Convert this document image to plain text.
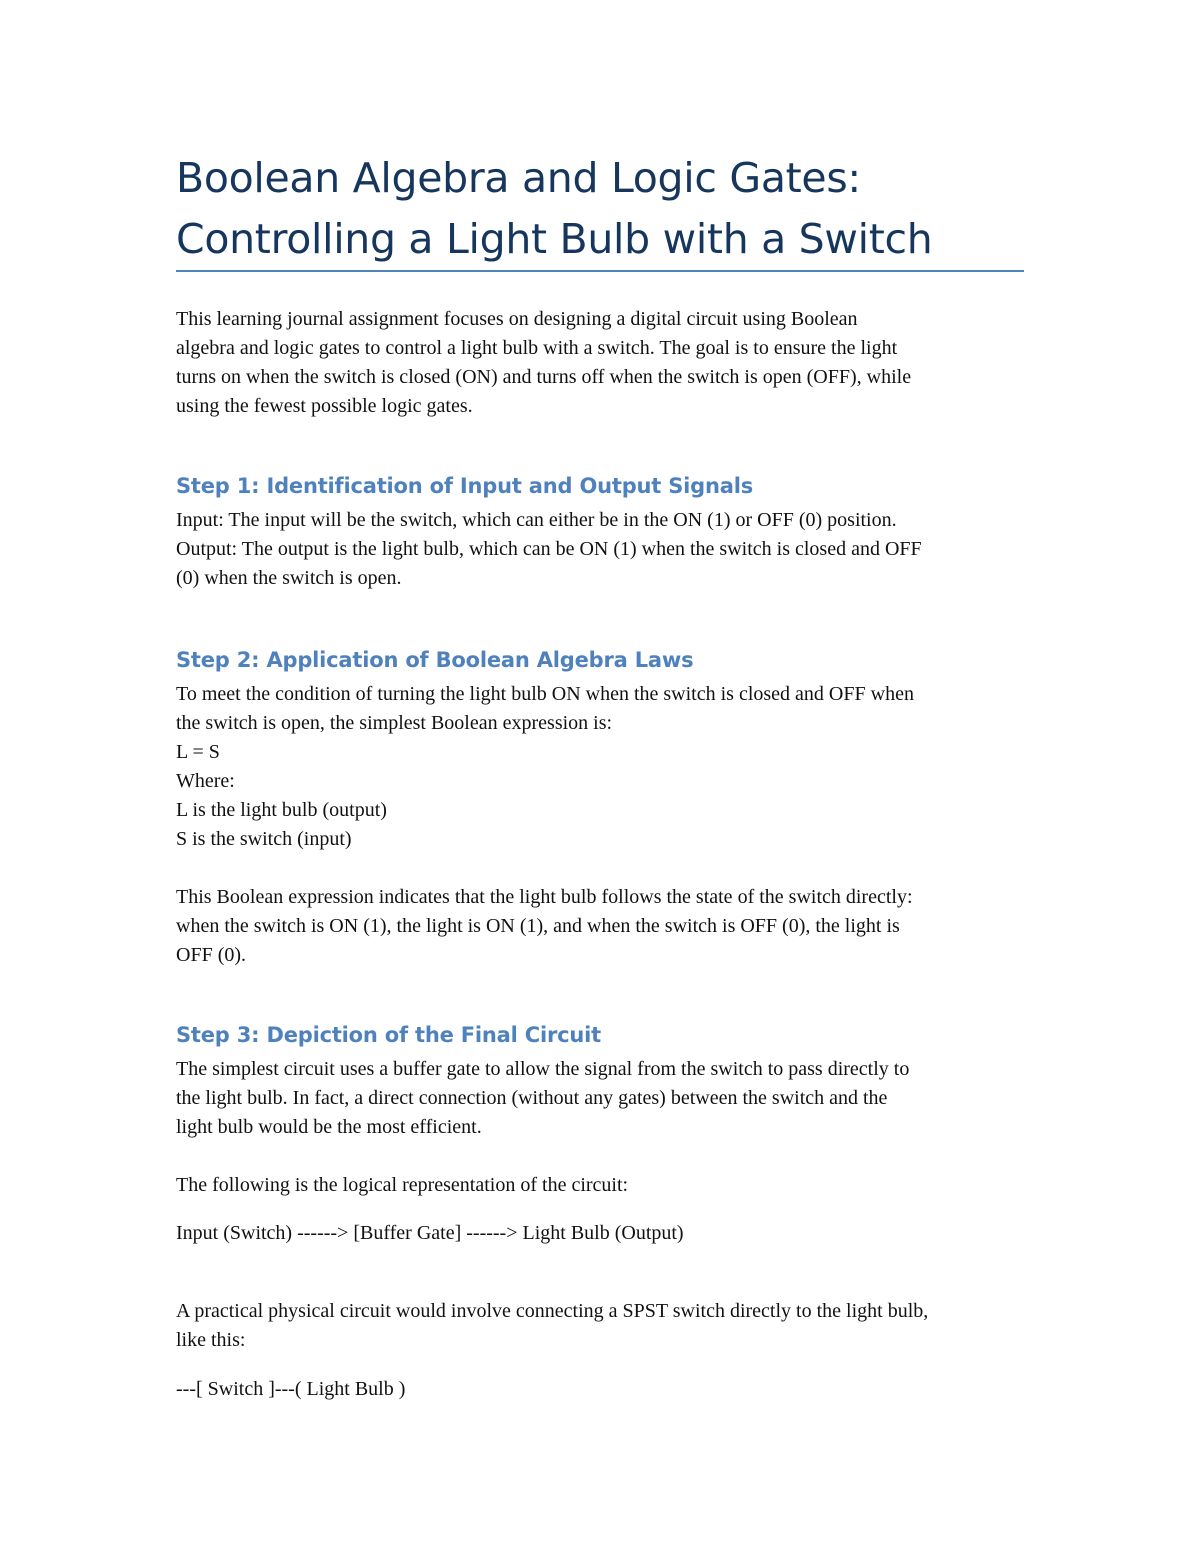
Boolean Algebra and Logic Gates:
Controlling a Light Bulb with a Switch

This learning journal assignment focuses on designing a digital circuit using Boolean
algebra and logic gates to control a light bulb with a switch. The goal is to ensure the light
turns on when the switch is closed (ON) and turns off when the switch is open (OFF), while
using the fewest possible logic gates.

Step 1: Identification of Input and Output Signals

Input: The input will be the switch, which can either be in the ON (1) or OFF (0) position.
Output: The output is the light bulb, which can be ON (1) when the switch is closed and OFF
(0) when the switch is open.

Step 2: Application of Boolean Algebra Laws

To meet the condition of turning the light bulb ON when the switch is closed and OFF when
the switch is open, the simplest Boolean expression is:
L = S
Where:
L is the light bulb (output)
S is the switch (input)

This Boolean expression indicates that the light bulb follows the state of the switch directly:
when the switch is ON (1), the light is ON (1), and when the switch is OFF (0), the light is
OFF (0).

Step 3: Depiction of the Final Circuit

The simplest circuit uses a buffer gate to allow the signal from the switch to pass directly to
the light bulb. In fact, a direct connection (without any gates) between the switch and the
light bulb would be the most efficient.

The following is the logical representation of the circuit:

Input (Switch) ------> [Buffer Gate] ------> Light Bulb (Output)

A practical physical circuit would involve connecting a SPST switch directly to the light bulb,
like this:

---[ Switch ]---( Light Bulb )
